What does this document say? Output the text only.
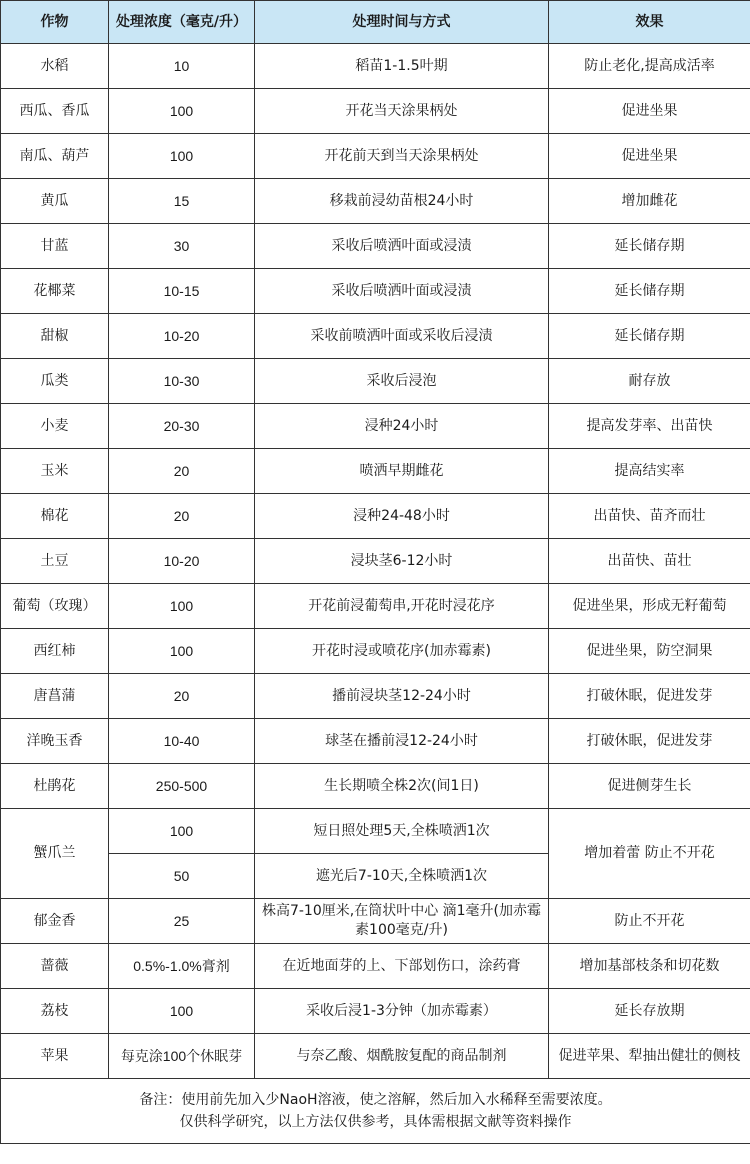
作物	处理浓度（毫克/升）	处理时间与方式	效果
水稻	10	稻苗1-1.5叶期	防止老化,提高成活率
西瓜、香瓜	100	开花当天涂果柄处	促进坐果
南瓜、葫芦	100	开花前天到当天涂果柄处	促进坐果
黄瓜	15	移栽前浸幼苗根24小时	增加雌花
甘蓝	30	采收后喷洒叶面或浸渍	延长储存期
花椰菜	10-15	采收后喷洒叶面或浸渍	延长储存期
甜椒	10-20	采收前喷洒叶面或采收后浸渍	延长储存期
瓜类	10-30	采收后浸泡	耐存放
小麦	20-30	浸种24小时	提高发芽率、出苗快
玉米	20	喷洒早期雌花	提高结实率
棉花	20	浸种24-48小时	出苗快、苗齐而壮
土豆	10-20	浸块茎6-12小时	出苗快、苗壮
葡萄（玫瑰）	100	开花前浸葡萄串,开花时浸花序	促进坐果，形成无籽葡萄
西红柿	100	开花时浸或喷花序(加赤霉素)	促进坐果，防空洞果
唐菖蒲	20	播前浸块茎12-24小时	打破休眠，促进发芽
洋晚玉香	10-40	球茎在播前浸12-24小时	打破休眠，促进发芽
杜鹃花	250-500	生长期喷全株2次(间1日)	促进侧芽生长
蟹爪兰	100	短日照处理5天,全株喷洒1次	增加着蕾 防止不开花
	50	遮光后7-10天,全株喷洒1次	
郁金香	25	株高7-10厘米,在筒状叶中心 滴1毫升(加赤霉素100毫克/升)	防止不开花
蔷薇	0.5%-1.0%膏剂	在近地面芽的上、下部划伤口，涂药膏	增加基部枝条和切花数
荔枝	100	采收后浸1-3分钟（加赤霉素）	延长存放期
苹果	每克涂100个休眠芽	与奈乙酸、烟酰胺复配的商品制剂	促进苹果、犁抽出健壮的侧枝

备注：使用前先加入少NaoH溶液，使之溶解，然后加入水稀释至需要浓度。
仅供科学研究，以上方法仅供参考，具体需根据文献等资料操作			
